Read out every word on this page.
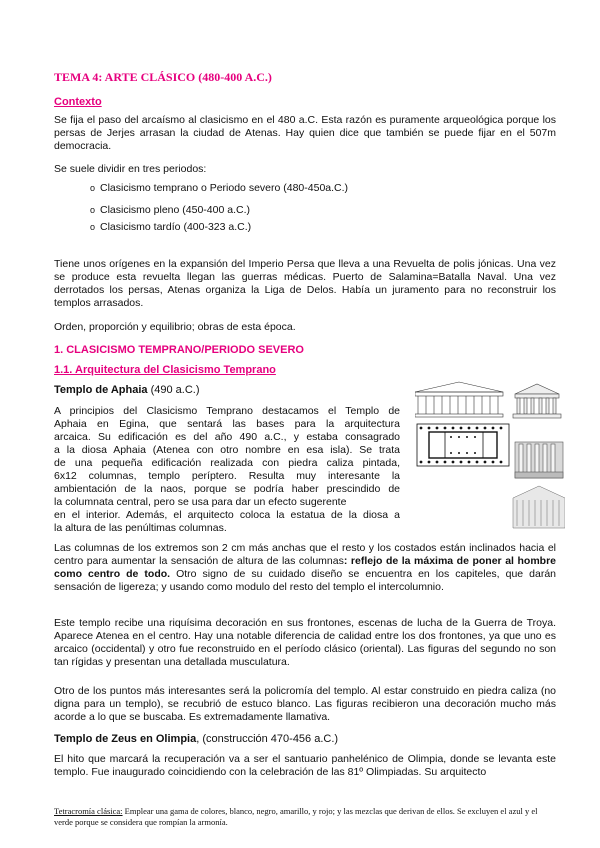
TEMA 4: ARTE CLÁSICO (480-400 A.C.)
Contexto

Se fija el paso del arcaísmo al clasicismo en el 480 a.C. Esta razón es puramente arqueológica porque los persas de Jerjes arrasan la ciudad de Atenas. Hay quien dice que también se puede fijar en el 507m democracia.

Se suele dividir en tres periodos:

o Clasicismo temprano o Periodo severo (480-450a.C.)
o Clasicismo pleno (450-400 a.C.)
o Clasicismo tardío (400-323 a.C.)

Tiene unos orígenes en la expansión del Imperio Persa que lleva a una Revuelta de polis jónicas. Una vez se produce esta revuelta llegan las guerras médicas. Puerto de Salamina=Batalla Naval. Una vez derrotados los persas, Atenas organiza la Liga de Delos. Había un juramento para no reconstruir los templos arrasados.

Orden, proporción y equilibrio; obras de esta época.

1. CLASICISMO TEMPRANO/PERIODO SEVERO
1.1. Arquitectura del Clasicismo Temprano
Templo de Aphaia (490 a.C.)
A principios del Clasicismo Temprano destacamos el Templo de
Aphaia en Egina, que sentará las bases para la arquitectura
arcaica. Su edificación es del año 490 a.C., y estaba consagrado
a la diosa Aphaia (Atenea con otro nombre en esa isla). Se trata
de una pequeña edificación realizada con piedra caliza pintada,
6x12 columnas, templo períptero. Resulta muy interesante la
ambientación de la naos, porque se podría haber prescindido de
la columnata central, pero se usa para dar un efecto sugerente
en el interior. Además, el arquitecto coloca la estatua de la diosa a
la altura de las penúltimas columnas.

Las columnas de los extremos son 2 cm más anchas que el resto y los costados están inclinados hacia el centro para aumentar la sensación de altura de las columnas: reflejo de la máxima de poner al hombre como centro de todo. Otro signo de su cuidado diseño se encuentra en los capiteles, que darán sensación de ligereza; y usando como modulo del resto del templo el intercolumnio.

Este templo recibe una riquísima decoración en sus frontones, escenas de lucha de la Guerra de Troya. Aparece Atenea en el centro. Hay una notable diferencia de calidad entre los dos frontones, ya que uno es arcaico (occidental) y otro fue reconstruido en el período clásico (oriental). Las figuras del segundo no son tan rígidas y presentan una detallada musculatura.

Otro de los puntos más interesantes será la policromía del templo. Al estar construido en piedra caliza (no digna para un templo), se recubrió de estuco blanco. Las figuras recibieron una decoración mucho más acorde a lo que se buscaba. Es extremadamente llamativa.

Templo de Zeus en Olimpia, (construcción 470-456 a.C.)

El hito que marcará la recuperación va a ser el santuario panhelénico de Olimpia, donde se levanta este templo. Fue inaugurado coincidiendo con la celebración de las 81º Olimpiadas. Su arquitecto

Tetracromía clásica: Emplear una gama de colores, blanco, negro, amarillo, y rojo; y las mezclas que derivan de ellos. Se excluyen el azul y el verde porque se considera que rompían la armonía.
